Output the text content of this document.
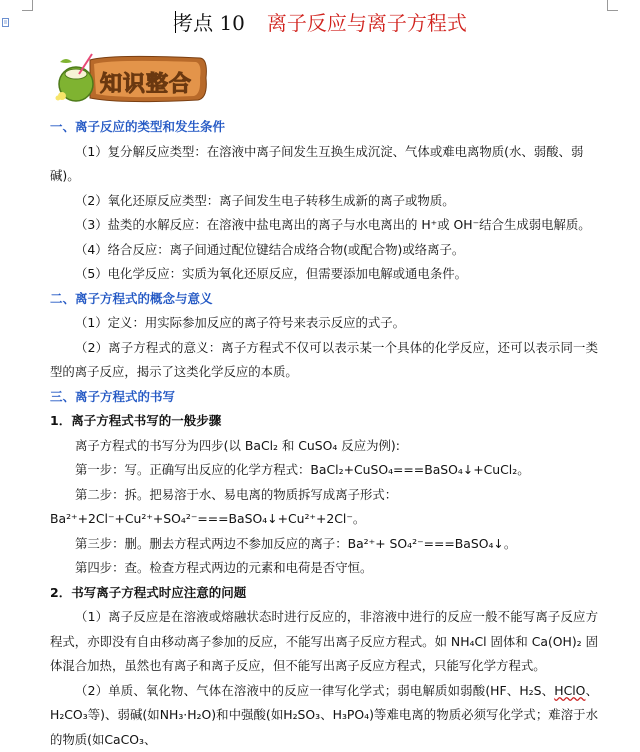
考点 10 离子反应与离子方程式
知识整合
一、离子反应的类型和发生条件
（1）复分解反应类型：在溶液中离子间发生互换生成沉淀、气体或难电离物质(水、弱酸、弱碱)。
（2）氧化还原反应类型：离子间发生电子转移生成新的离子或物质。
（3）盐类的水解反应：在溶液中盐电离出的离子与水电离出的 H⁺或 OH⁻结合生成弱电解质。
（4）络合反应：离子间通过配位键结合成络合物(或配合物)或络离子。
（5）电化学反应：实质为氧化还原反应，但需要添加电解或通电条件。
二、离子方程式的概念与意义
（1）定义：用实际参加反应的离子符号来表示反应的式子。
（2）离子方程式的意义：离子方程式不仅可以表示某一个具体的化学反应，还可以表示同一类型的离子反应，揭示了这类化学反应的本质。
三、离子方程式的书写
1．离子方程式书写的一般步骤
离子方程式的书写分为四步(以 BaCl₂ 和 CuSO₄ 反应为例):
第一步：写。正确写出反应的化学方程式：BaCl₂+CuSO₄===BaSO₄↓+CuCl₂。
第二步：拆。把易溶于水、易电离的物质拆写成离子形式：Ba²⁺+2Cl⁻+Cu²⁺+SO₄²⁻===BaSO₄↓+Cu²⁺+2Cl⁻。
第三步：删。删去方程式两边不参加反应的离子：Ba²⁺+ SO₄²⁻===BaSO₄↓。
第四步：查。检查方程式两边的元素和电荷是否守恒。
2．书写离子方程式时应注意的问题
（1）离子反应是在溶液或熔融状态时进行反应的，非溶液中进行的反应一般不能写离子反应方程式，亦即没有自由移动离子参加的反应，不能写出离子反应方程式。如 NH₄Cl 固体和 Ca(OH)₂ 固体混合加热，虽然也有离子和离子反应，但不能写出离子反应方程式，只能写化学方程式。
（2）单质、氧化物、气体在溶液中的反应一律写化学式；弱电解质如弱酸(HF、H₂S、HClO、H₂CO₃等)、弱碱(如NH₃·H₂O)和中强酸(如H₂SO₃、H₃PO₄)等难电离的物质必须写化学式；难溶于水的物质(如CaCO₃、
